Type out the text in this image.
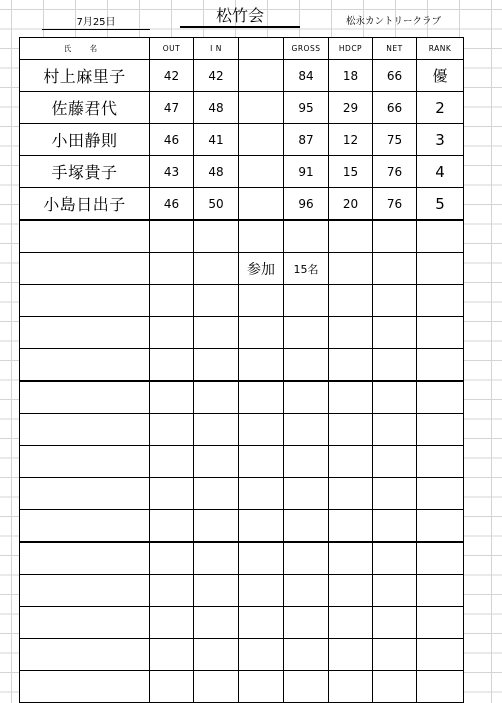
7月25日	松竹会	松永カントリークラブ
氏 名	OUT	I N		GROSS	HDCP	NET	RANK
村上麻里子	42	42		84	18	66	優
佐藤君代	47	48		95	29	66	2
小田静則	46	41		87	12	75	3
手塚貴子	43	48		91	15	76	4
小島日出子	46	50		96	20	76	5

			参加	15名			
